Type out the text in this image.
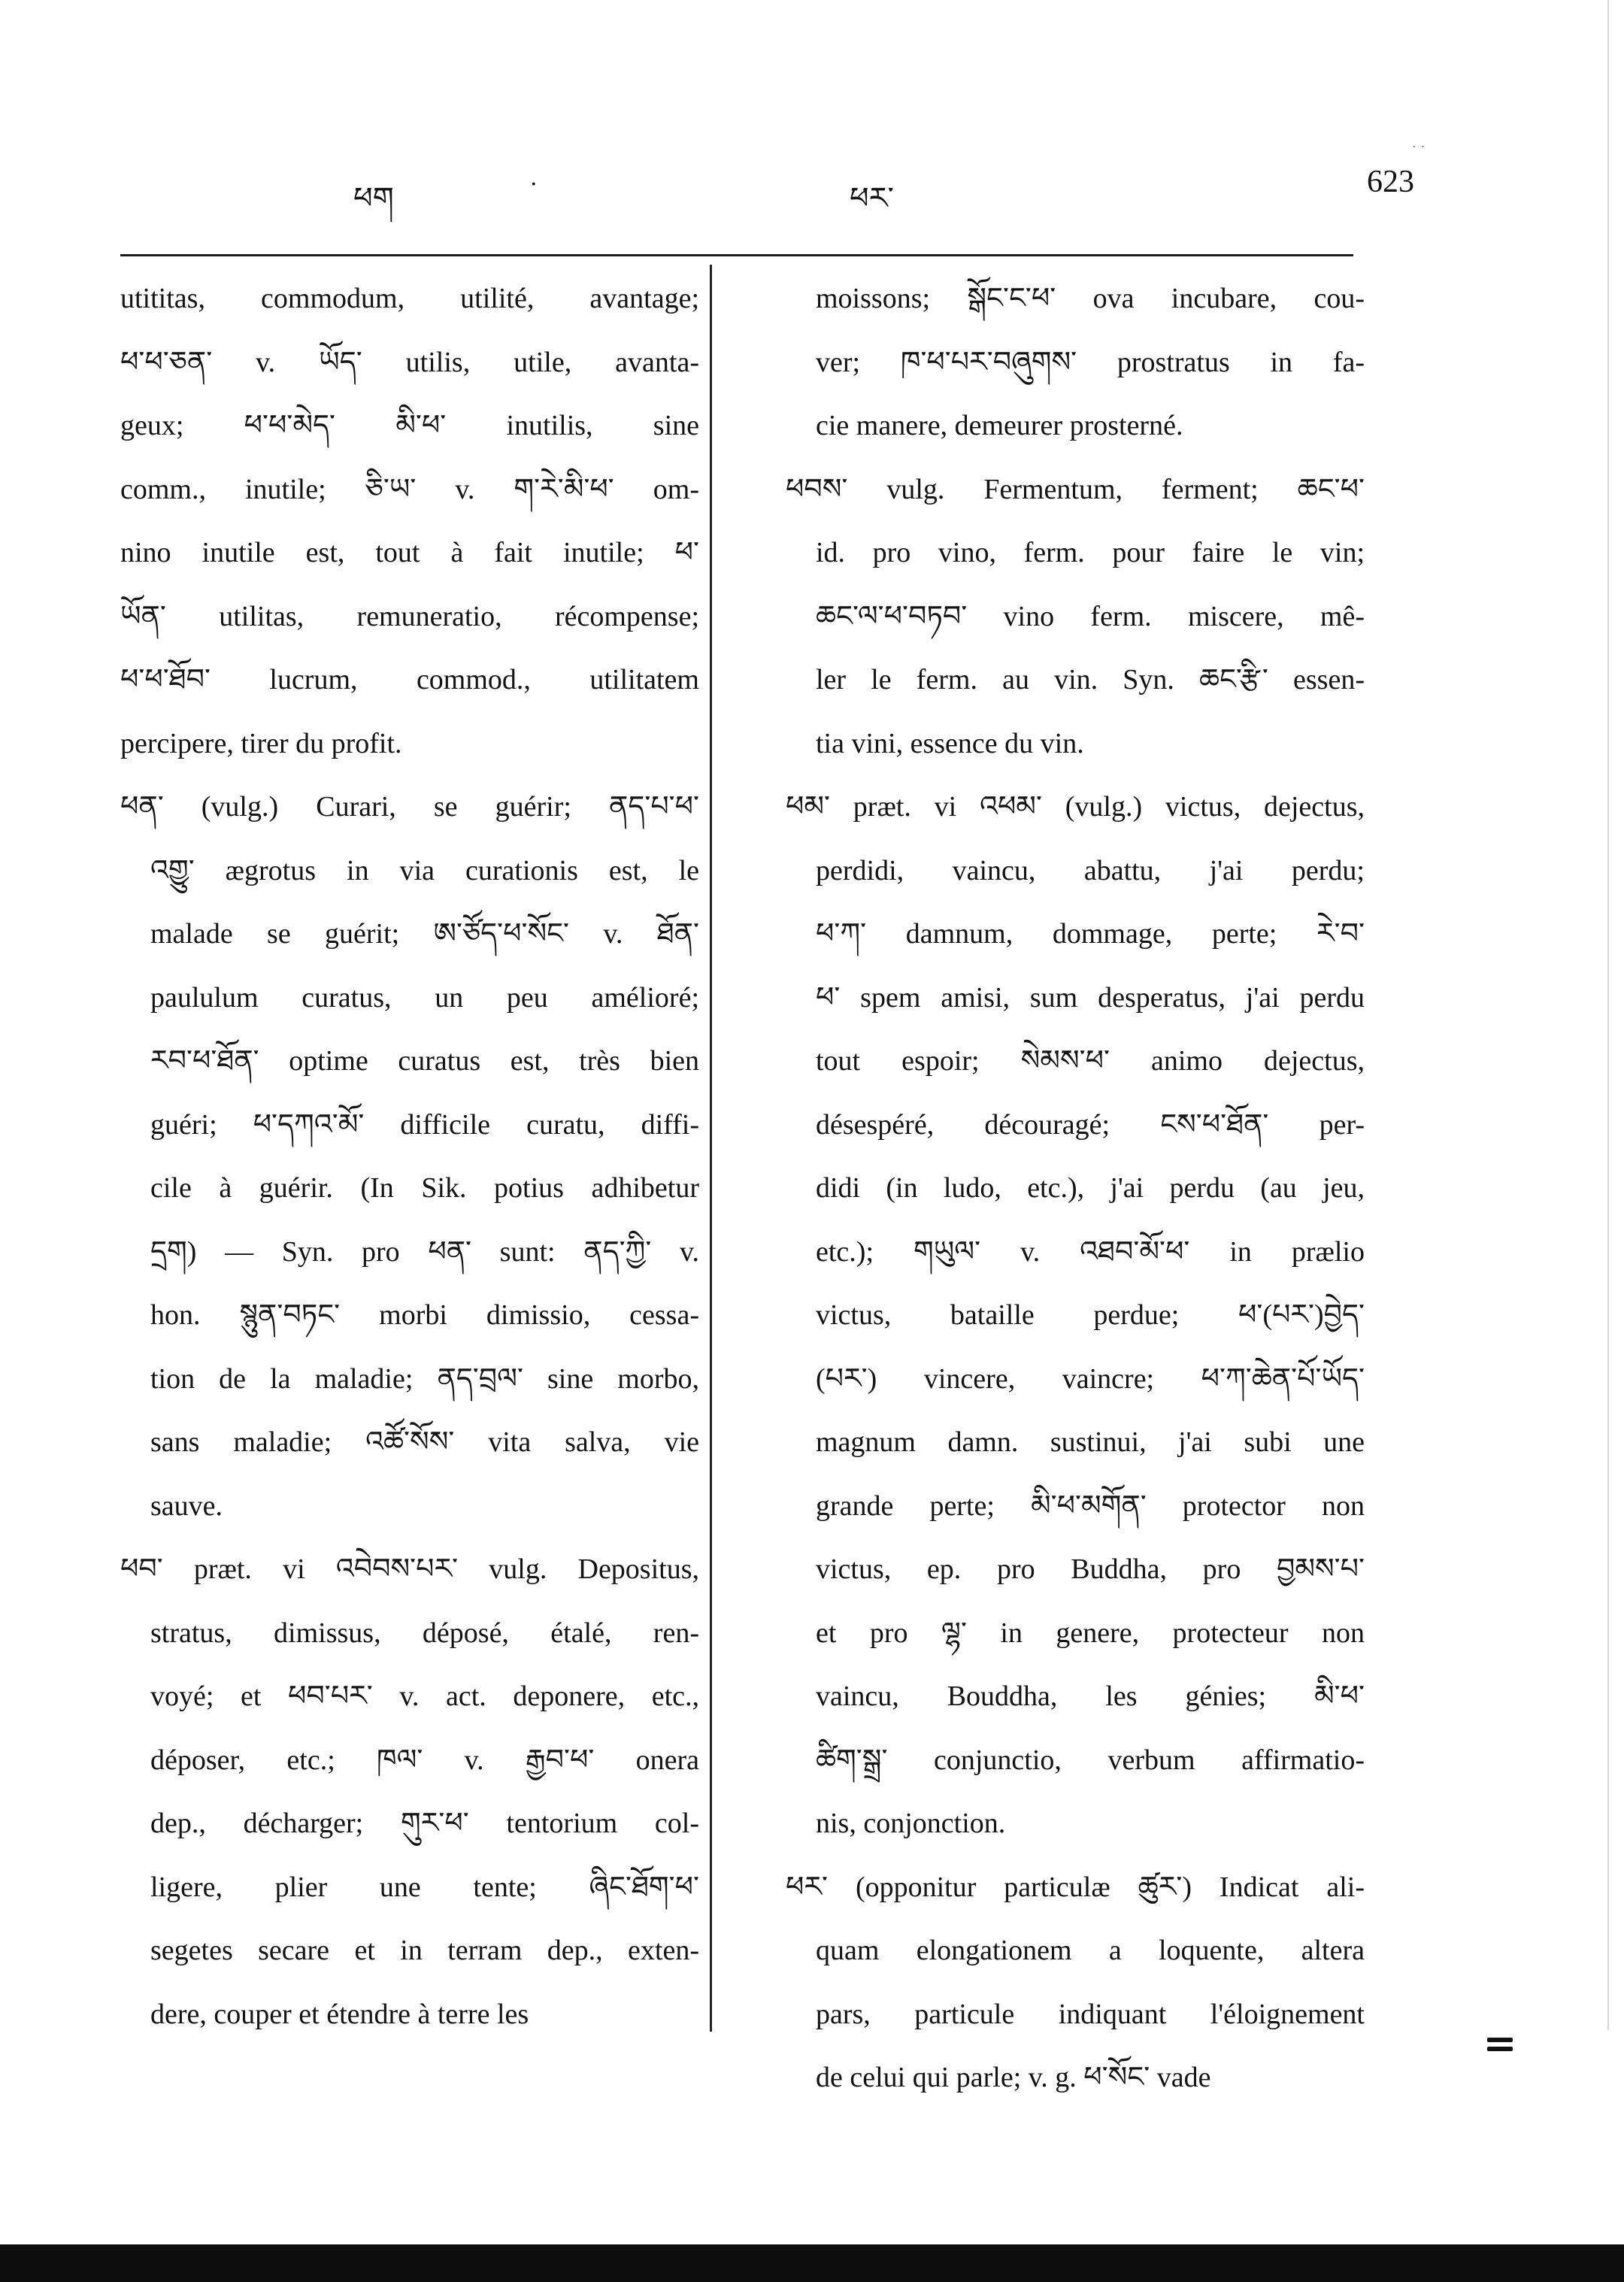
· ·
ཕག	·	ཕར་	623
utititas, commodum, utilité, avantage;
ཕ་ཕ་ཅན་ v. ཡོད་ utilis, utile, avanta-
geux; ཕ་ཕ་མེད་ མི་ཕ་ inutilis, sine
comm., inutile; ཅི་ཡ་ v. ག་རེ་མི་ཕ་ om-
nino inutile est, tout à fait inutile; ཕ་
ཡོན་ utilitas, remuneratio, récompense;
ཕ་ཕ་ཐོབ་ lucrum, commod., utilitatem
percipere, tirer du profit.
ཕན་ (vulg.) Curari, se guérir; ནད་པ་ཕ་
འགྱུ་ ægrotus in via curationis est, le
malade se guérit; ཨ་ཙོད་ཕ་སོང་ v. ཐོན་
paululum curatus, un peu amélioré;
རབ་ཕ་ཐོན་ optime curatus est, très bien
guéri; ཕ་དཀའ་མོ་ difficile curatu, diffi-
cile à guérir. (In Sik. potius adhibetur
དྲག) — Syn. pro ཕན་ sunt: ནད་ཀྱི་ v.
hon. སྙུན་བཏང་ morbi dimissio, cessa-
tion de la maladie; ནད་བྲལ་ sine morbo,
sans maladie; འཚོ་སོས་ vita salva, vie
sauve.
ཕབ་ præt. vi འབེབས་པར་ vulg. Depositus,
stratus, dimissus, déposé, étalé, ren-
voyé; et ཕབ་པར་ v. act. deponere, etc.,
déposer, etc.; ཁལ་ v. རྒྱབ་ཕ་ onera
dep., décharger; གུར་ཕ་ tentorium col-
ligere, plier une tente; ཞིང་ཐོག་ཕ་
segetes secare et in terram dep., exten-
dere, couper et étendre à terre les
moissons; སྒོང་ང་ཕ་ ova incubare, cou-
ver; ཁ་ཕ་པར་བཞུགས་ prostratus in fa-
cie manere, demeurer prosterné.
ཕབས་ vulg. Fermentum, ferment; ཆང་ཕ་
id. pro vino, ferm. pour faire le vin;
ཆང་ལ་ཕ་བཏབ་ vino ferm. miscere, mê-
ler le ferm. au vin. Syn. ཆང་རྩི་ essen-
tia vini, essence du vin.
ཕམ་ præt. vi འཕམ་ (vulg.) victus, dejectus,
perdidi, vaincu, abattu, j'ai perdu;
ཕ་ཀ་ damnum, dommage, perte; རེ་བ་
ཕ་ spem amisi, sum desperatus, j'ai perdu
tout espoir; སེམས་ཕ་ animo dejectus,
désespéré, découragé; ངས་ཕ་ཐོན་ per-
didi (in ludo, etc.), j'ai perdu (au jeu,
etc.); གཡུལ་ v. འཐབ་མོ་ཕ་ in prælio
victus, bataille perdue; ཕ་(པར་)བྱེད་
(པར་) vincere, vaincre; ཕ་ཀ་ཆེན་པོ་ཡོད་
magnum damn. sustinui, j'ai subi une
grande perte; མི་ཕ་མགོན་ protector non
victus, ep. pro Buddha, pro བྱམས་པ་
et pro ལྷ་ in genere, protecteur non
vaincu, Bouddha, les génies; མི་ཕ་
ཚིག་སྒྲ་ conjunctio, verbum affirmatio-
nis, conjonction.
ཕར་ (opponitur particulæ ཚུར་) Indicat ali-
quam elongationem a loquente, altera
pars, particule indiquant l'éloignement
de celui qui parle; v. g. ཕ་སོང་ vade
